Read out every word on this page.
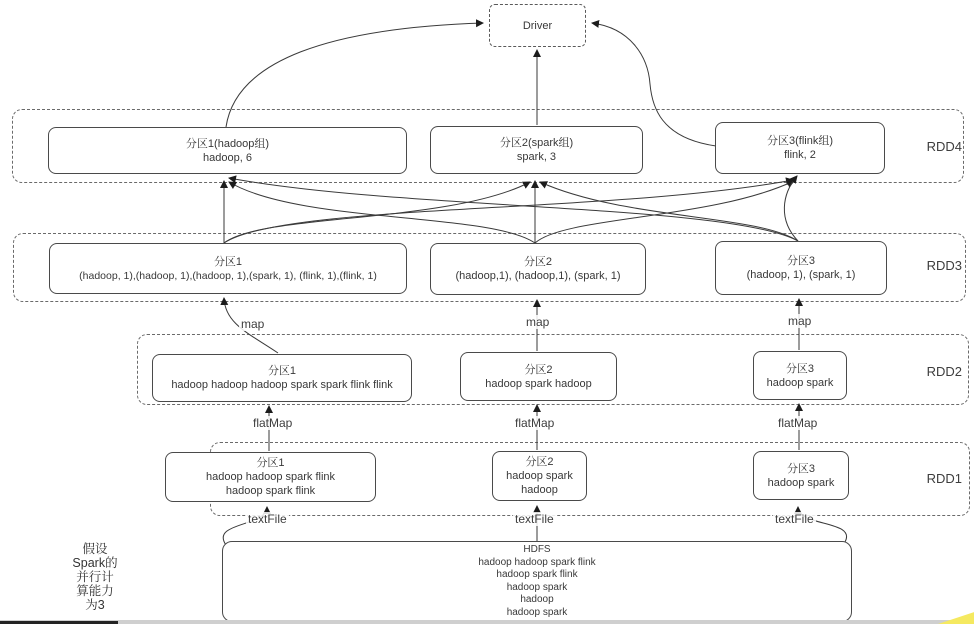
Driver
分区1(hadoop组)
hadoop, 6
分区2(spark组)
spark, 3
分区3(flink组)
flink, 2
RDD4
分区1
(hadoop, 1),(hadoop, 1),(hadoop, 1),(spark, 1), (flink, 1),(flink, 1)
分区2
(hadoop,1), (hadoop,1), (spark, 1)
分区3
(hadoop, 1), (spark, 1)
RDD3
map	map	map
分区1
hadoop hadoop hadoop spark spark flink flink
分区2
hadoop spark hadoop
分区3
hadoop spark
RDD2
flatMap	flatMap	flatMap
分区1
hadoop hadoop spark flink
hadoop spark flink
分区2
hadoop spark
hadoop
分区3
hadoop spark	RDD1
textFile	textFile	textFile
HDFS
hadoop hadoop spark flink
hadoop spark flink
hadoop spark
hadoop
hadoop spark
假设
Spark的
并行计
算能力
为3
